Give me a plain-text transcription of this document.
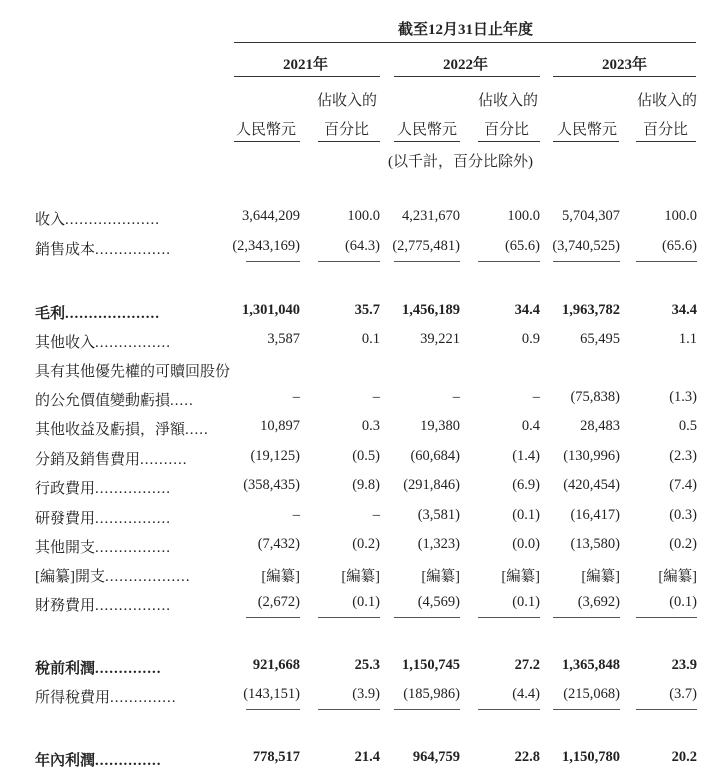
截至12月31日止年度
2021年	2022年	2023年
佔收入的	佔收入的	佔收入的
人民幣元 百分比 人民幣元 百分比 人民幣元 百分比
(以千計，百分比除外)
收入....................	3,644,209	100.0	4,231,670	100.0	5,704,307	100.0
銷售成本................	(2,343,169)	(64.3) (2,775,481)	(65.6) (3,740,525)	(65.6)
毛利....................	1,301,040	35.7	1,456,189	34.4	1,963,782	34.4
其他收入................	3,587	0.1	39,221	0.9	65,495	1.1
具有其他優先權的可贖回股份
的公允價值變動虧損.....	–	–	–	–	(75,838)	(1.3)
其他收益及虧損，淨額.....	10,897	0.3	19,380	0.4	28,483	0.5
分銷及銷售費用..........	(19,125)	(0.5)	(60,684)	(1.4)	(130,996)	(2.3)
行政費用................	(358,435)	(9.8)	(291,846)	(6.9)	(420,454)	(7.4)
研發費用................	–	–	(3,581)	(0.1)	(16,417)	(0.3)
其他開支................	(7,432)	(0.2)	(1,323)	(0.0)	(13,580)	(0.2)
[編纂]開支..................	[編纂]	[編纂]	[編纂]	[編纂]	[編纂]	[編纂]
財務費用................	(2,672)	(0.1)	(4,569)	(0.1)	(3,692)	(0.1)
稅前利潤..............	921,668	25.3	1,150,745	27.2	1,365,848	23.9
所得稅費用..............	(143,151)	(3.9)	(185,986)	(4.4)	(215,068)	(3.7)
年內利潤..............	778,517	21.4	964,759	22.8	1,150,780	20.2
